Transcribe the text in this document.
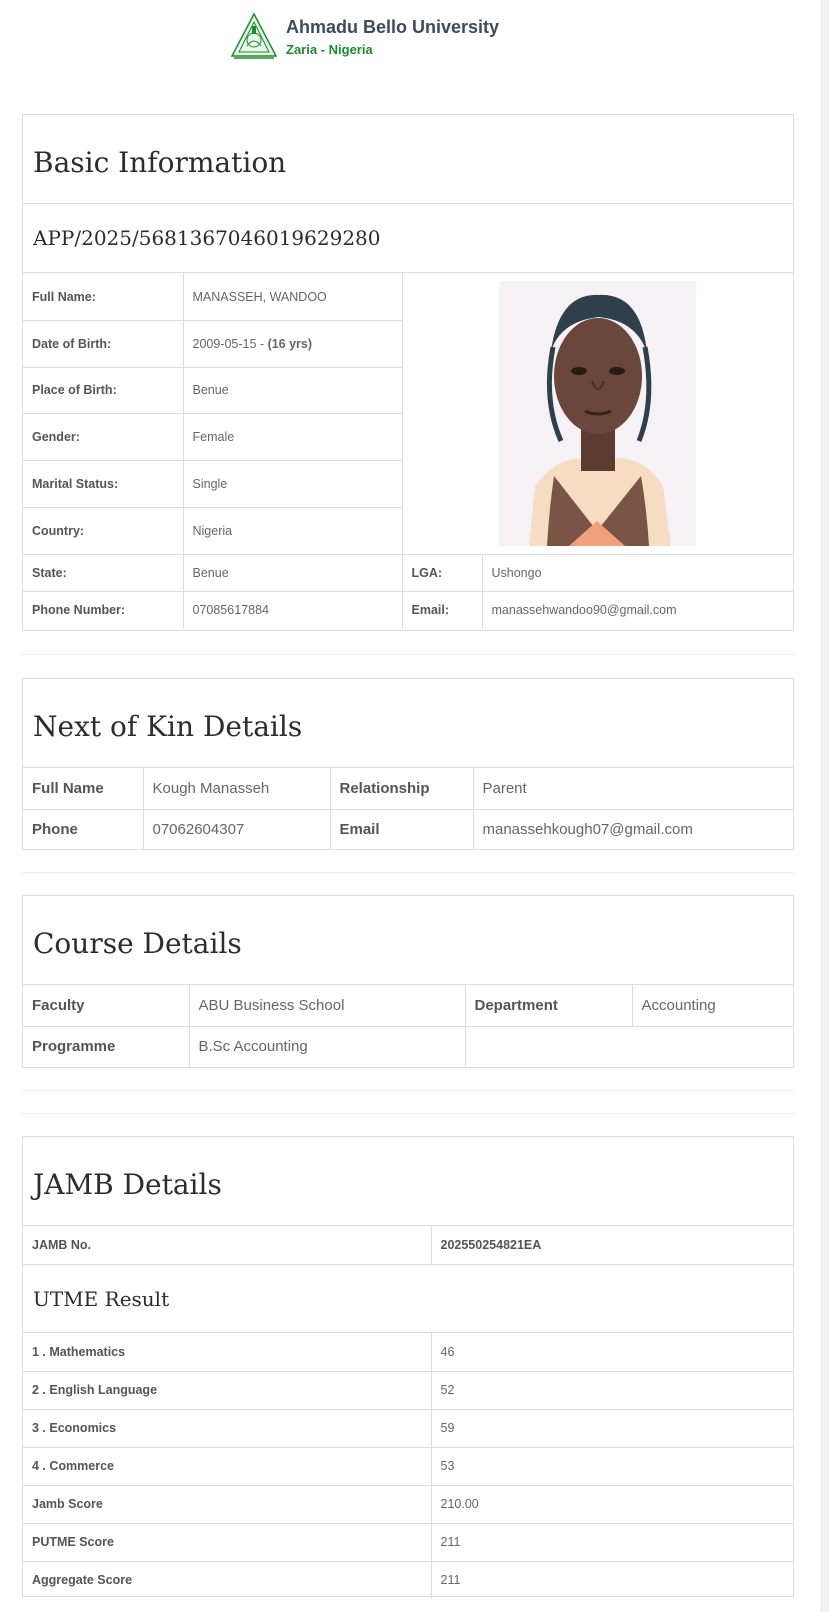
Ahmadu Bello University
Zaria - Nigeria
Basic Information
APP/2025/5681367046019629280
Full Name:	MANASSEH, WANDOO	

Date of Birth:	2009-05-15 - (16 yrs)		
Place of Birth:	Benue		
Gender:	Female		
Marital Status:	Single		
Country:	Nigeria		
State:	Benue	LGA:	Ushongo
Phone Number:	07085617884	Email:	manassehwandoo90@gmail.com
Next of Kin Details
Full Name	Kough Manasseh	Relationship	Parent
Phone	07062604307	Email	manassehkough07@gmail.com
Course Details
Faculty	ABU Business School	Department	Accounting
Programme	B.Sc Accounting		
JAMB Details
JAMB No.	202550254821EA
UTME Result
1 . Mathematics	46
2 . English Language	52
3 . Economics	59
4 . Commerce	53
Jamb Score	210.00
PUTME Score	211
Aggregate Score	211
